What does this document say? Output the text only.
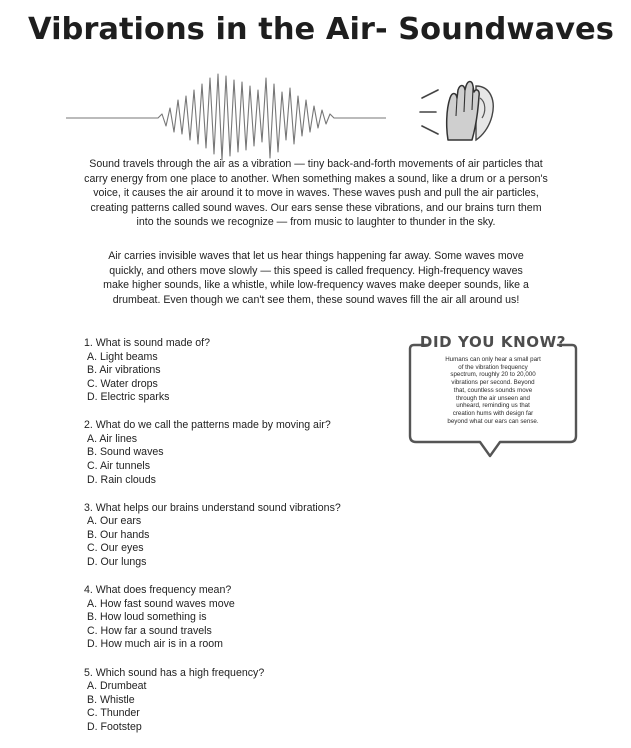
Vibrations in the Air- Soundwaves
Sound travels through the air as a vibration — tiny back-and-forth movements of air particles that
carry energy from one place to another. When something makes a sound, like a drum or a person's
voice, it causes the air around it to move in waves. These waves push and pull the air particles,
creating patterns called sound waves. Our ears sense these vibrations, and our brains turn them
into the sounds we recognize — from music to laughter to thunder in the sky.
Air carries invisible waves that let us hear things happening far away. Some waves move
quickly, and others move slowly — this speed is called frequency. High-frequency waves
make higher sounds, like a whistle, while low-frequency waves make deeper sounds, like a
drumbeat. Even though we can't see them, these sound waves fill the air all around us!
1. What is sound made of?
A. Light beams
B. Air vibrations
C. Water drops
D. Electric sparks
2. What do we call the patterns made by moving air?
A. Air lines
B. Sound waves
C. Air tunnels
D. Rain clouds
3. What helps our brains understand sound vibrations?
A. Our ears
B. Our hands
C. Our eyes
D. Our lungs
4. What does frequency mean?
A. How fast sound waves move
B. How loud something is
C. How far a sound travels
D. How much air is in a room
5. Which sound has a high frequency?
A. Drumbeat
B. Whistle
C. Thunder
D. Footstep
DID YOU KNOW?
Humans can only hear a small part
of the vibration frequency
spectrum, roughly 20 to 20,000
vibrations per second. Beyond
that, countless sounds move
through the air unseen and
unheard, reminding us that
creation hums with design far
beyond what our ears can sense.
